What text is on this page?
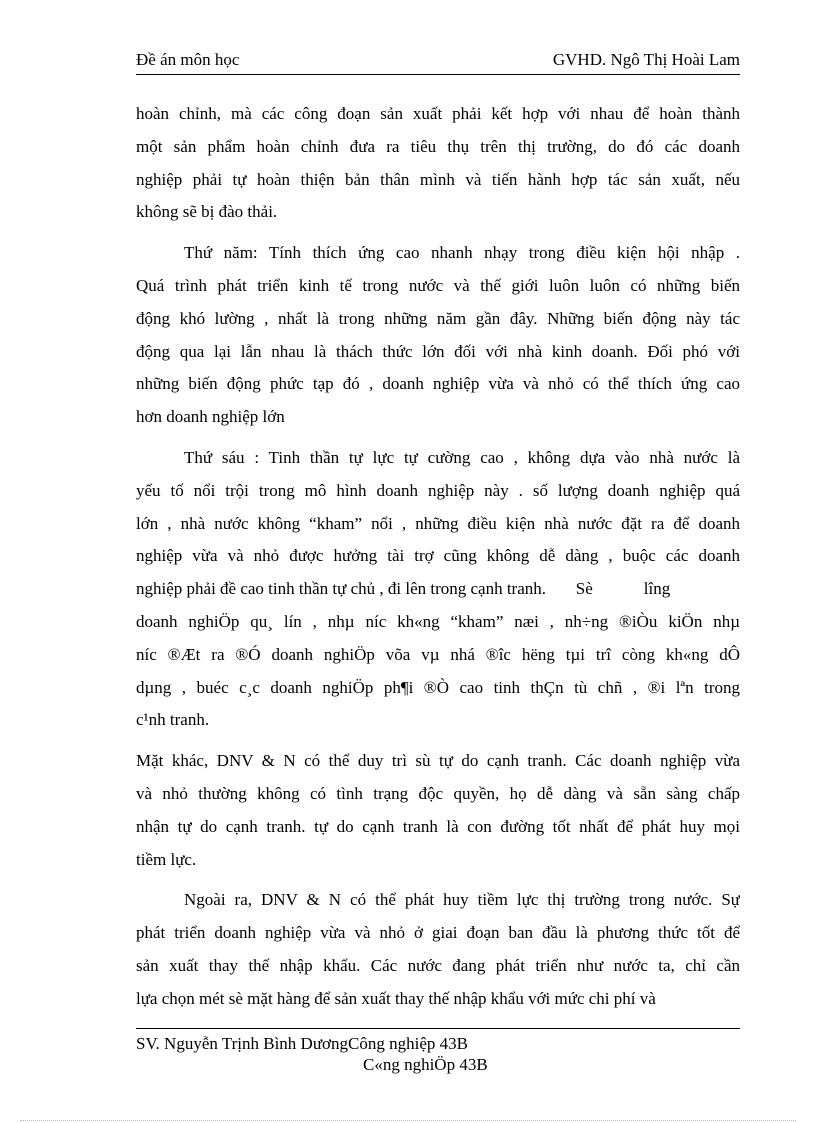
Đề án môn học	GVHD. Ngô Thị Hoài Lam
hoàn chỉnh, mà các công đoạn sản xuất phải kết hợp với nhau để hoàn thành
một sản phẩm hoàn chỉnh đưa ra tiêu thụ trên thị trường, do đó các doanh
nghiệp phải tự hoàn thiện bản thân mình và tiến hành hợp tác sản xuất, nếu
không sẽ bị đào thải.
Thứ năm: Tính thích ứng cao nhanh nhạy trong điều kiện hội nhập .
Quá trình phát triển kinh tế trong nước và thế giới luôn luôn có những biến
động khó lường , nhất là trong những năm gần đây. Những biến động này tác
động qua lại lẫn nhau là thách thức lớn đối với nhà kinh doanh. Đối phó với
những biến động phức tạp đó , doanh nghiệp vừa và nhỏ có thể thích ứng cao
hơn doanh nghiệp lớn
Thứ sáu : Tinh thần tự lực tự cường cao , không dựa vào nhà nước là
yếu tố nổi trội trong mô hình doanh nghiệp này . số lượng doanh nghiệp quá
lớn , nhà nước không “kham” nổi , những điều kiện nhà nước đặt ra để doanh
nghiệp vừa và nhỏ được hưởng tài trợ cũng không dễ dàng , buộc các doanh
nghiệp phải đề cao tinh thần tự chủ , đi lên trong cạnh tranh.       Sè            lîng
doanh nghiÖp qu¸ lín , nhµ níc kh«ng “kham” næi , nh÷ng ®iÒu kiÖn nhµ
níc ®Æt ra ®Ó doanh nghiÖp võa vµ nhá ®îc hëng tµi trî còng kh«ng dÔ
dµng , buéc c¸c doanh nghiÖp ph¶i ®Ò cao tinh thÇn tù chñ , ®i lªn trong
c¹nh tranh.
Mặt khác, DNV & N có thể duy trì sù tự do cạnh tranh. Các doanh nghiệp vừa
và nhỏ thường không có tình trạng độc quyền, họ dễ dàng và sẵn sàng chấp
nhận tự do cạnh tranh. tự do cạnh tranh là con đường tốt nhất để phát huy mọi
tiềm lực.
Ngoài ra, DNV & N có thể phát huy tiềm lực thị trường trong nước. Sự
phát triển doanh nghiệp vừa và nhỏ ở giai đoạn ban đầu là phương thức tốt để
sản xuất thay thế nhập khẩu. Các nước đang phát triển như nước ta, chỉ cần
lựa chọn mét sè mặt hàng để sản xuất thay thế nhập khẩu với mức chi phí và
SV. Nguyễn Trịnh Bình DươngCông nghiệp 43B
C«ng nghiÖp 43B
